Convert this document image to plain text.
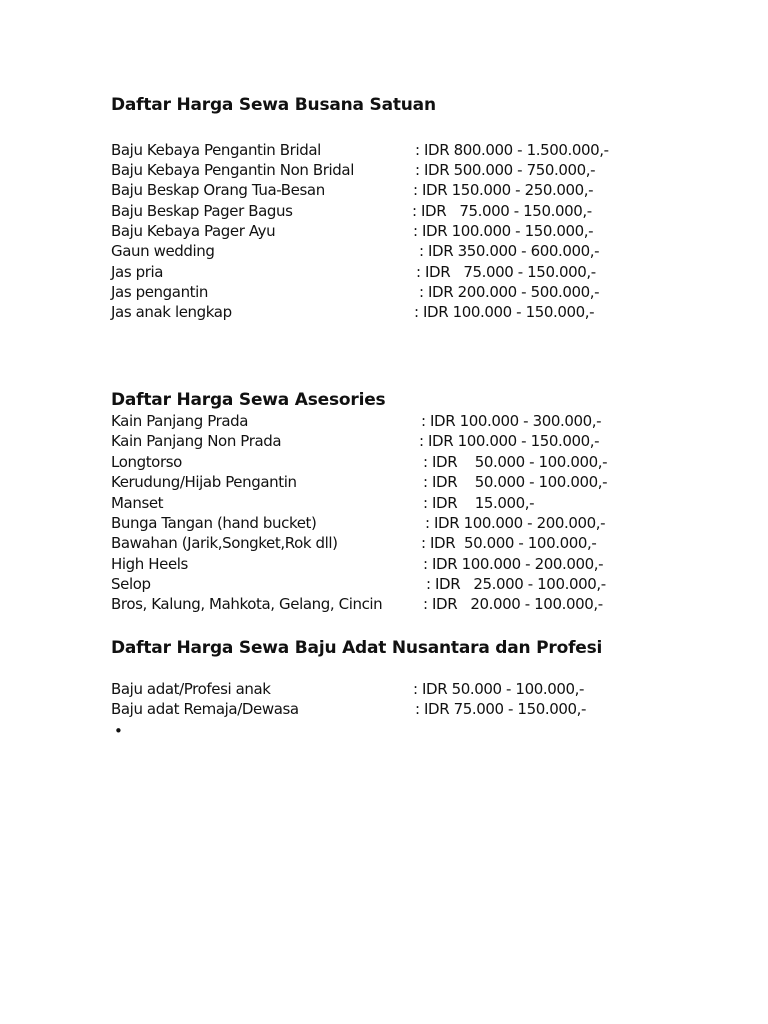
Daftar Harga Sewa Busana Satuan
Baju Kebaya Pengantin Bridal	: IDR 800.000 - 1.500.000,-
Baju Kebaya Pengantin Non Bridal	: IDR 500.000 - 750.000,-
Baju Beskap Orang Tua-Besan	: IDR 150.000 - 250.000,-
Baju Beskap Pager Bagus	: IDR   75.000 - 150.000,-
Baju Kebaya Pager Ayu	: IDR 100.000 - 150.000,-
Gaun wedding	: IDR 350.000 - 600.000,-
Jas pria	: IDR   75.000 - 150.000,-
Jas pengantin	: IDR 200.000 - 500.000,-
Jas anak lengkap	: IDR 100.000 - 150.000,-
Daftar Harga Sewa Asesories
Kain Panjang Prada	: IDR 100.000 - 300.000,-
Kain Panjang Non Prada	: IDR 100.000 - 150.000,-
Longtorso	: IDR    50.000 - 100.000,-
Kerudung/Hijab Pengantin	: IDR    50.000 - 100.000,-
Manset	: IDR    15.000,-
Bunga Tangan (hand bucket)	: IDR 100.000 - 200.000,-
Bawahan (Jarik,Songket,Rok dll)	: IDR  50.000 - 100.000,-
High Heels	: IDR 100.000 - 200.000,-
Selop	: IDR   25.000 - 100.000,-
Bros, Kalung, Mahkota, Gelang, Cincin	: IDR   20.000 - 100.000,-
Daftar Harga Sewa Baju Adat Nusantara dan Profesi
Baju adat/Profesi anak	: IDR 50.000 - 100.000,-
Baju adat Remaja/Dewasa	: IDR 75.000 - 150.000,-
•
